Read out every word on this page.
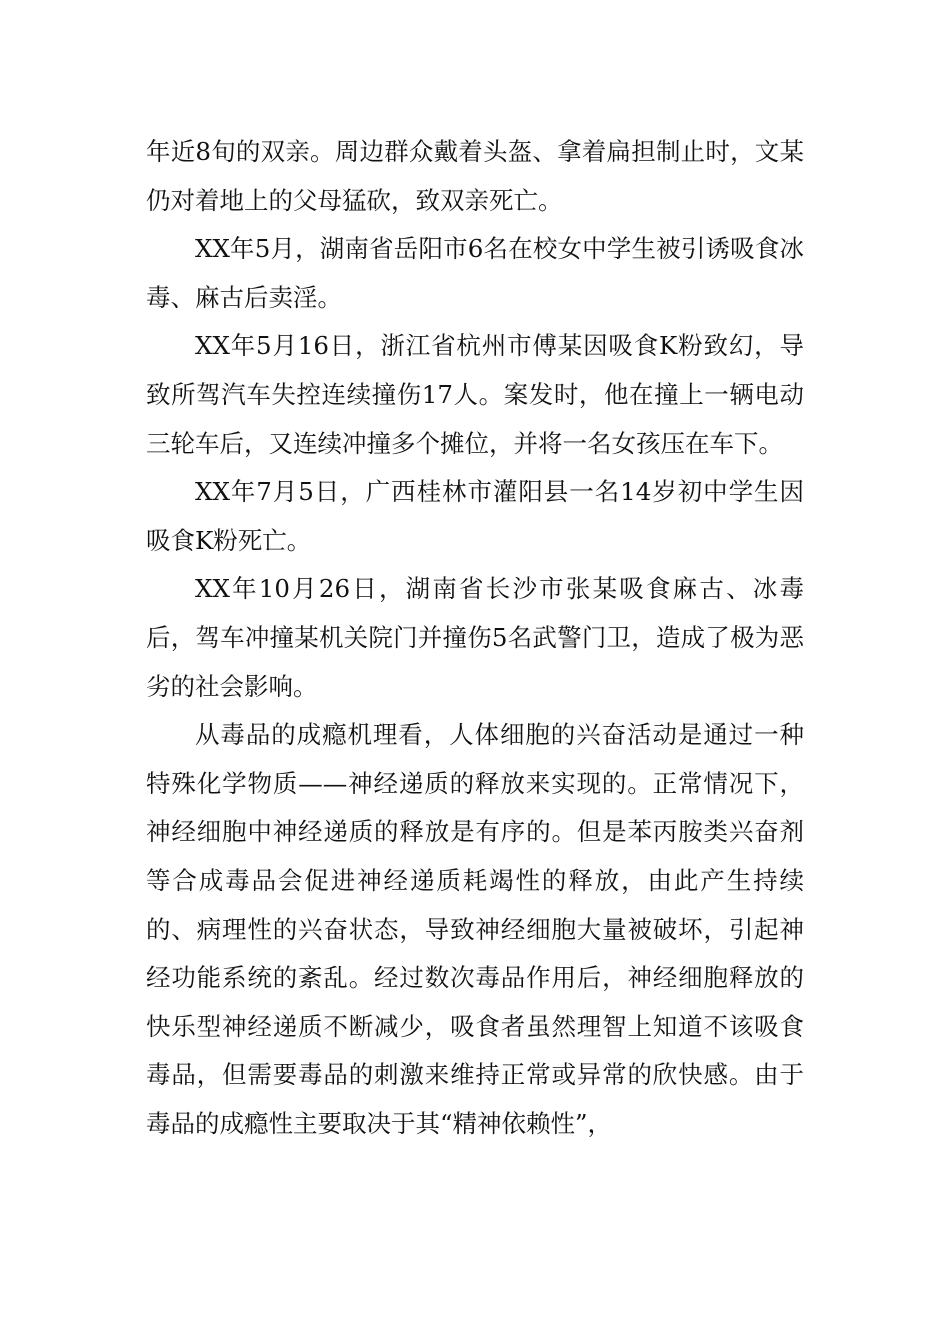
年近8旬的双亲。周边群众戴着头盔、拿着扁担制止时，文某仍对着地上的父母猛砍，致双亲死亡。

XX年5月，湖南省岳阳市6名在校女中学生被引诱吸食冰毒、麻古后卖淫。

XX年5月16日，浙江省杭州市傅某因吸食K粉致幻，导致所驾汽车失控连续撞伤17人。案发时，他在撞上一辆电动三轮车后，又连续冲撞多个摊位，并将一名女孩压在车下。

XX年7月5日，广西桂林市灌阳县一名14岁初中学生因吸食K粉死亡。

XX年10月26日，湖南省长沙市张某吸食麻古、冰毒后，驾车冲撞某机关院门并撞伤5名武警门卫，造成了极为恶劣的社会影响。

从毒品的成瘾机理看，人体细胞的兴奋活动是通过一种特殊化学物质——神经递质的释放来实现的。正常情况下，神经细胞中神经递质的释放是有序的。但是苯丙胺类兴奋剂等合成毒品会促进神经递质耗竭性的释放，由此产生持续的、病理性的兴奋状态，导致神经细胞大量被破坏，引起神经功能系统的紊乱。经过数次毒品作用后，神经细胞释放的快乐型神经递质不断减少，吸食者虽然理智上知道不该吸食毒品，但需要毒品的刺激来维持正常或异常的欣快感。由于毒品的成瘾性主要取决于其“精神依赖性”，
